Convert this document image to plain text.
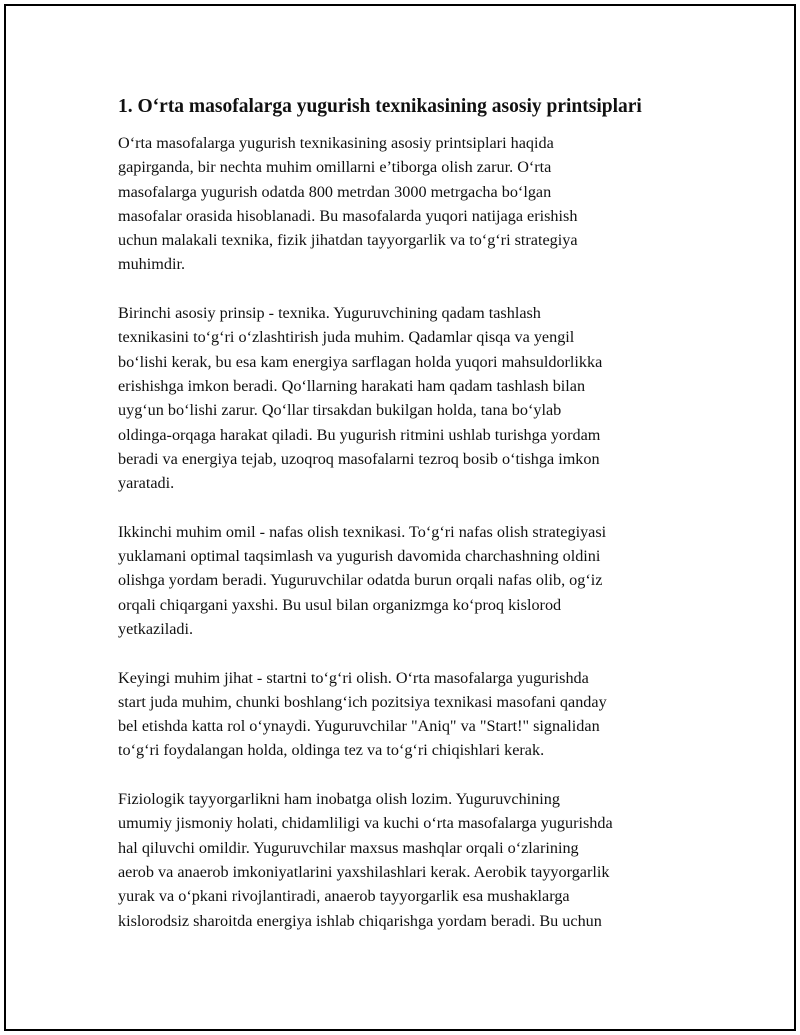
1. O‘rta masofalarga yugurish texnikasining asosiy printsiplari
O‘rta masofalarga yugurish texnikasining asosiy printsiplari haqida
gapirganda, bir nechta muhim omillarni e’tiborga olish zarur. O‘rta
masofalarga yugurish odatda 800 metrdan 3000 metrgacha bo‘lgan
masofalar orasida hisoblanadi. Bu masofalarda yuqori natijaga erishish
uchun malakali texnika, fizik jihatdan tayyorgarlik va to‘g‘ri strategiya
muhimdir.
Birinchi asosiy prinsip - texnika. Yuguruvchining qadam tashlash
texnikasini to‘g‘ri o‘zlashtirish juda muhim. Qadamlar qisqa va yengil
bo‘lishi kerak, bu esa kam energiya sarflagan holda yuqori mahsuldorlikka
erishishga imkon beradi. Qo‘llarning harakati ham qadam tashlash bilan
uyg‘un bo‘lishi zarur. Qo‘llar tirsakdan bukilgan holda, tana bo‘ylab
oldinga-orqaga harakat qiladi. Bu yugurish ritmini ushlab turishga yordam
beradi va energiya tejab, uzoqroq masofalarni tezroq bosib o‘tishga imkon
yaratadi.
Ikkinchi muhim omil - nafas olish texnikasi. To‘g‘ri nafas olish strategiyasi
yuklamani optimal taqsimlash va yugurish davomida charchashning oldini
olishga yordam beradi. Yuguruvchilar odatda burun orqali nafas olib, og‘iz
orqali chiqargani yaxshi. Bu usul bilan organizmga ko‘proq kislorod
yetkaziladi.
Keyingi muhim jihat - startni to‘g‘ri olish. O‘rta masofalarga yugurishda
start juda muhim, chunki boshlang‘ich pozitsiya texnikasi masofani qanday
bel etishda katta rol o‘ynaydi. Yuguruvchilar "Aniq" va "Start!" signalidan
to‘g‘ri foydalangan holda, oldinga tez va to‘g‘ri chiqishlari kerak.
Fiziologik tayyorgarlikni ham inobatga olish lozim. Yuguruvchining
umumiy jismoniy holati, chidamliligi va kuchi o‘rta masofalarga yugurishda
hal qiluvchi omildir. Yuguruvchilar maxsus mashqlar orqali o‘zlarining
aerob va anaerob imkoniyatlarini yaxshilashlari kerak. Aerobik tayyorgarlik
yurak va o‘pkani rivojlantiradi, anaerob tayyorgarlik esa mushaklarga
kislorodsiz sharoitda energiya ishlab chiqarishga yordam beradi. Bu uchun
